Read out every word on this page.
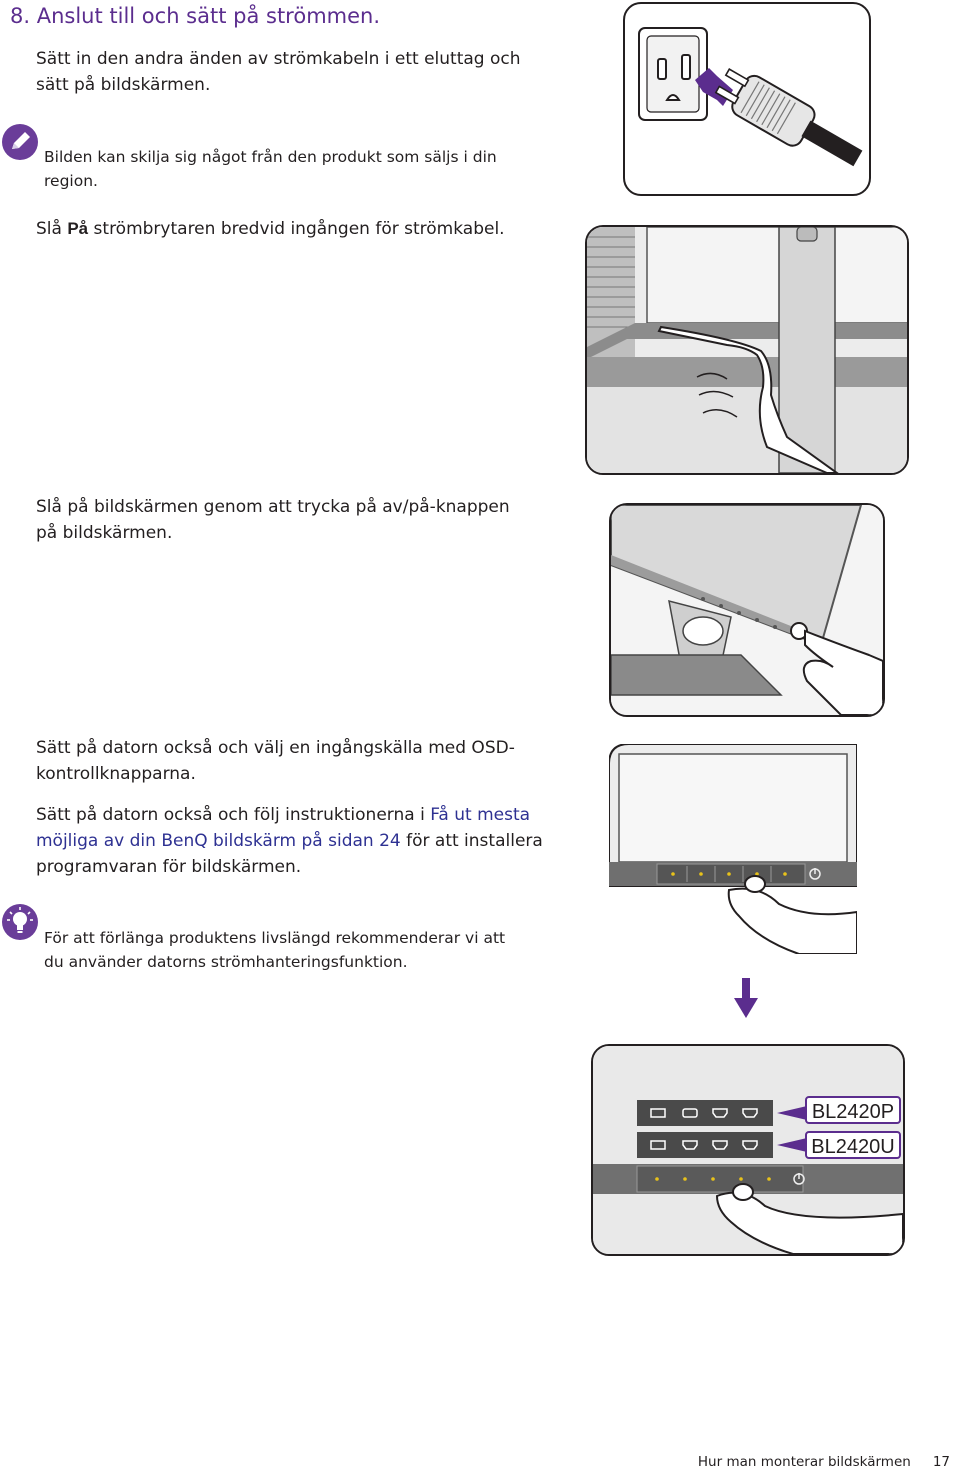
8. Anslut till och sätt på strömmen.
Sätt in den andra änden av strömkabeln i ett eluttag och sätt på bildskärmen.
Bilden kan skilja sig något från den produkt som säljs i din region.
Slå På strömbrytaren bredvid ingången för strömkabel.
Slå på bildskärmen genom att trycka på av/på-knappen på bildskärmen.
Sätt på datorn också och välj en ingångskälla med OSD-kontrollknapparna.
Sätt på datorn också och följ instruktionerna i Få ut mesta möjliga av din BenQ bildskärm på sidan 24 för att installera programvaran för bildskärmen.
För att förlänga produktens livslängd rekommenderar vi att du använder datorns strömhanteringsfunktion.
BL2420P
BL2420U
Hur man monterar bildskärmen 17
